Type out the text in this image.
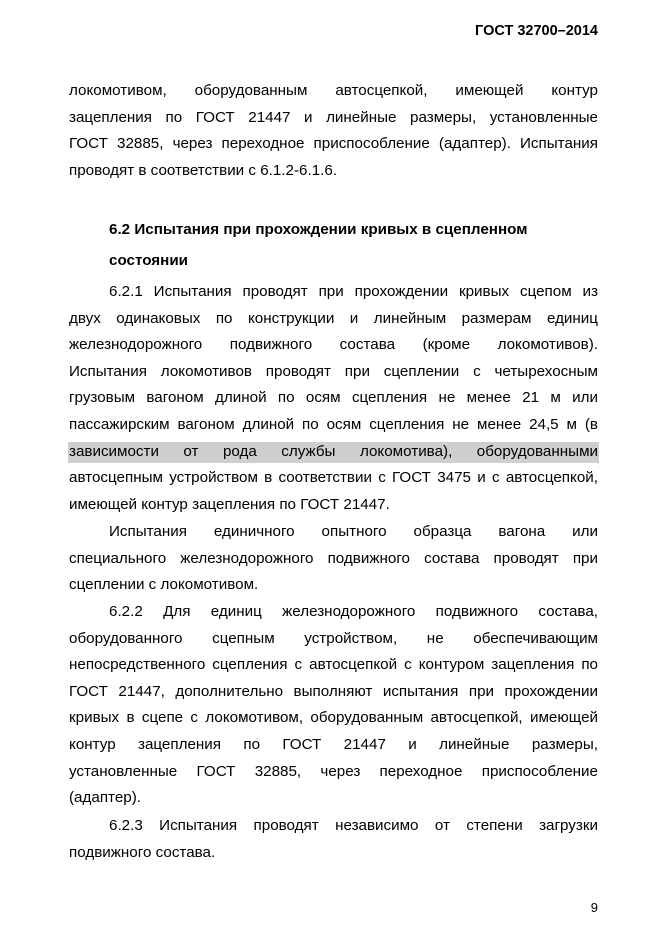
ГОСТ 32700–2014
локомотивом, оборудованным автосцепкой, имеющей контур
зацепления по ГОСТ 21447 и линейные размеры, установленные
ГОСТ 32885, через переходное приспособление (адаптер). Испытания
проводят в соответствии с 6.1.2-6.1.6.
6.2 Испытания при прохождении кривых в сцепленном
состоянии
6.2.1 Испытания проводят при прохождении кривых сцепом из
двух одинаковых по конструкции и линейным размерам единиц
железнодорожного подвижного состава (кроме локомотивов).
Испытания локомотивов проводят при сцеплении с четырехосным
грузовым вагоном длиной по осям сцепления не менее 21 м или
пассажирским вагоном длиной по осям сцепления не менее 24,5 м (в
зависимости от рода службы локомотива), оборудованными
автосцепным устройством в соответствии с ГОСТ 3475 и с автосцепкой,
имеющей контур зацепления по ГОСТ 21447.
Испытания единичного опытного образца вагона или
специального железнодорожного подвижного состава проводят при
сцеплении с локомотивом.
6.2.2 Для единиц железнодорожного подвижного состава,
оборудованного сцепным устройством, не обеспечивающим
непосредственного сцепления с автосцепкой с контуром зацепления по
ГОСТ 21447, дополнительно выполняют испытания при прохождении
кривых в сцепе с локомотивом, оборудованным автосцепкой, имеющей
контур зацепления по ГОСТ 21447 и линейные размеры,
установленные ГОСТ 32885, через переходное приспособление
(адаптер).
6.2.3 Испытания проводят независимо от степени загрузки
подвижного состава.
9
